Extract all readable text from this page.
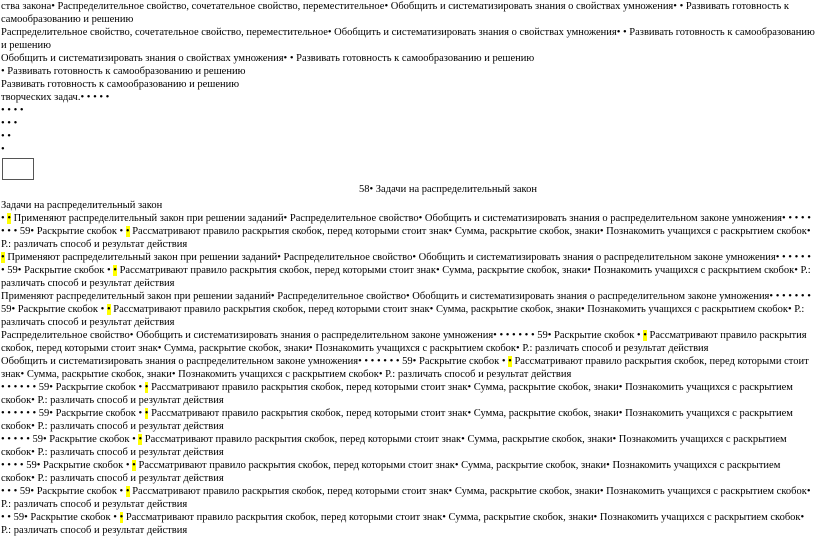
ства закона• Распределительное свойство, сочетательное свойство, переместительное• Обобщить и систематизировать знания о свойствах умножения• • Развивать готовность к самообразованию и решению
Распределительное свойство, сочетательное свойство, переместительное• Обобщить и систематизировать знания о свойствах умножения• • Развивать готовность к самообразованию и решению
Обобщить и систематизировать знания о свойствах умножения• • Развивать готовность к самообразованию и решению
• Развивать готовность к самообразованию и решению
Развивать готовность к самообразованию и решению
творческих задач.• • • • •
• • • •
• • •
• •
•
58• Задачи на распределительный закон
Задачи на распределительный закон
• • Применяют распределительный закон при решении заданий• Распределительное свойство• Обобщить и систематизировать знания о распределительном законе умножения• • • • • • • • 59• Раскрытие скобок • • Рассматривают правило раскрытия скобок, перед которыми стоит знак• Сумма, раскрытие скобок, знаки• Познакомить учащихся с раскрытием скобок• Р.: различать способ и результат действия
• Применяют распределительный закон при решении заданий• Распределительное свойство• Обобщить и систематизировать знания о распределительном законе умножения• • • • • • • 59• Раскрытие скобок • • Рассматривают правило раскрытия скобок, перед которыми стоит знак• Сумма, раскрытие скобок, знаки• Познакомить учащихся с раскрытием скобок• Р.: различать способ и результат действия
Применяют распределительный закон при решении заданий• Распределительное свойство• Обобщить и систематизировать знания о распределительном законе умножения• • • • • • • 59• Раскрытие скобок • • Рассматривают правило раскрытия скобок, перед которыми стоит знак• Сумма, раскрытие скобок, знаки• Познакомить учащихся с раскрытием скобок• Р.: различать способ и результат действия
Распределительное свойство• Обобщить и систематизировать знания о распределительном законе умножения• • • • • • • 59• Раскрытие скобок • • Рассматривают правило раскрытия скобок, перед которыми стоит знак• Сумма, раскрытие скобок, знаки• Познакомить учащихся с раскрытием скобок• Р.: различать способ и результат действия
Обобщить и систематизировать знания о распределительном законе умножения• • • • • • • 59• Раскрытие скобок • • Рассматривают правило раскрытия скобок, перед которыми стоит знак• Сумма, раскрытие скобок, знаки• Познакомить учащихся с раскрытием скобок• Р.: различать способ и результат действия
• • • • • • 59• Раскрытие скобок • • Рассматривают правило раскрытия скобок, перед которыми стоит знак• Сумма, раскрытие скобок, знаки• Познакомить учащихся с раскрытием скобок• Р.: различать способ и результат действия
• • • • • • 59• Раскрытие скобок • • Рассматривают правило раскрытия скобок, перед которыми стоит знак• Сумма, раскрытие скобок, знаки• Познакомить учащихся с раскрытием скобок• Р.: различать способ и результат действия
• • • • • 59• Раскрытие скобок • • Рассматривают правило раскрытия скобок, перед которыми стоит знак• Сумма, раскрытие скобок, знаки• Познакомить учащихся с раскрытием скобок• Р.: различать способ и результат действия
• • • • 59• Раскрытие скобок • • Рассматривают правило раскрытия скобок, перед которыми стоит знак• Сумма, раскрытие скобок, знаки• Познакомить учащихся с раскрытием скобок• Р.: различать способ и результат действия
• • • 59• Раскрытие скобок • • Рассматривают правило раскрытия скобок, перед которыми стоит знак• Сумма, раскрытие скобок, знаки• Познакомить учащихся с раскрытием скобок• Р.: различать способ и результат действия
• • 59• Раскрытие скобок • • Рассматривают правило раскрытия скобок, перед которыми стоит знак• Сумма, раскрытие скобок, знаки• Познакомить учащихся с раскрытием скобок• Р.: различать способ и результат действия
